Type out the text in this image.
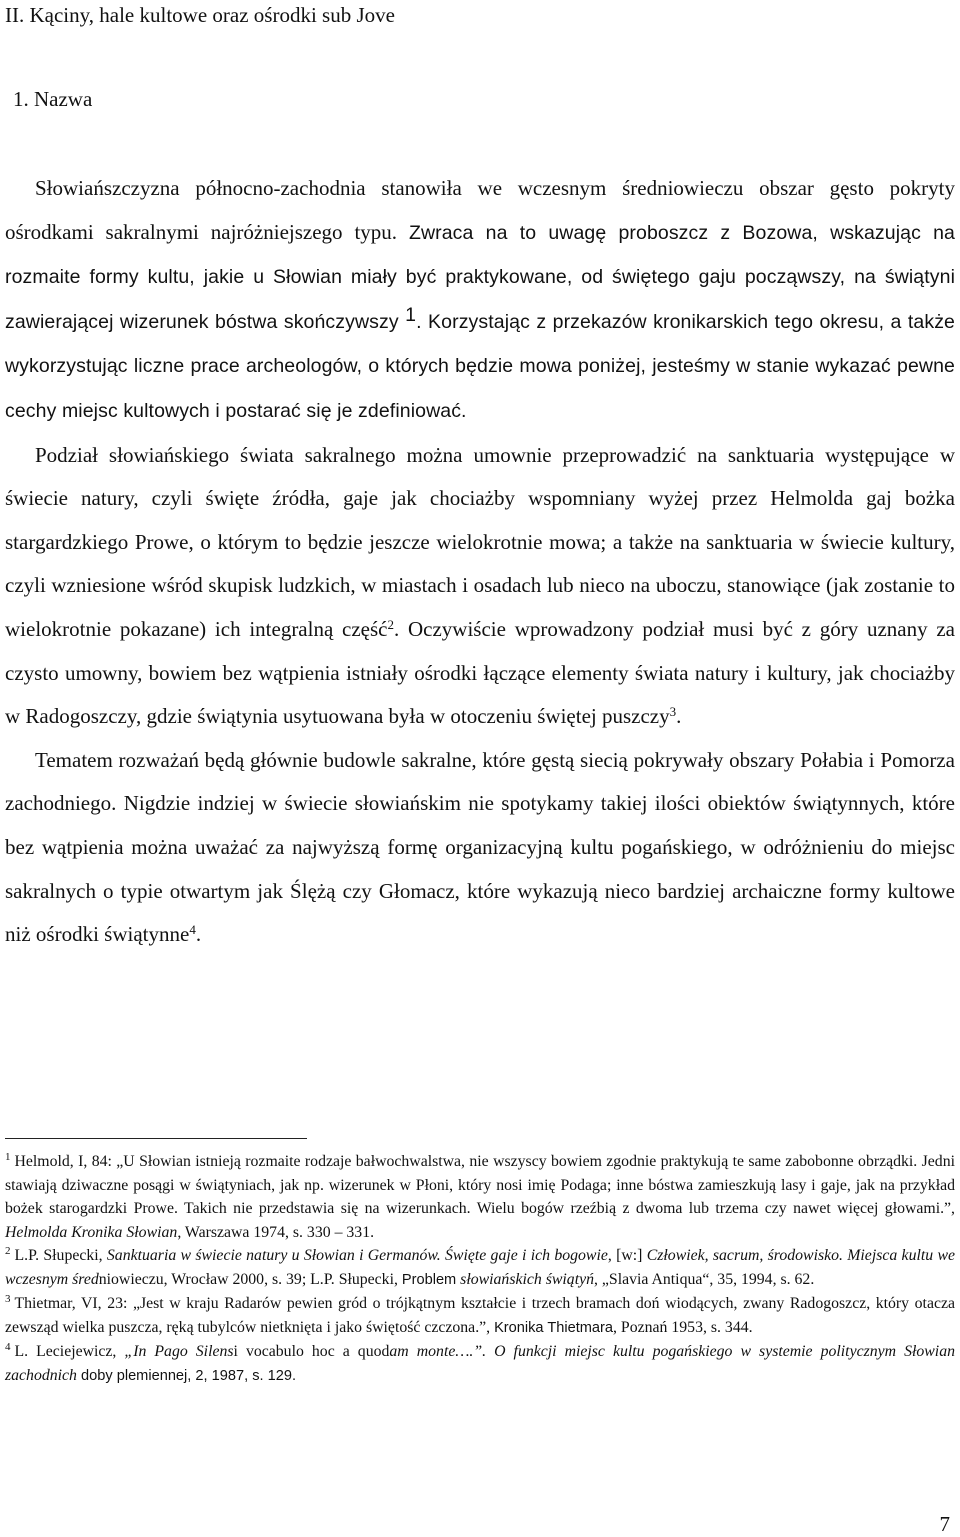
II. Kąciny, hale kultowe oraz ośrodki sub Jove
1. Nazwa

Słowiańszczyzna północno-zachodnia stanowiła we wczesnym średniowieczu obszar gęsto pokryty ośrodkami sakralnymi najróżniejszego typu. Zwraca na to uwagę proboszcz z Bozowa, wskazując na rozmaite formy kultu, jakie u Słowian miały być praktykowane, od świętego gaju począwszy, na świątyni zawierającej wizerunek bóstwa skończywszy $^1$. Korzystając z przekazów kronikarskich tego okresu, a także wykorzystując liczne prace archeologów, o których będzie mowa poniżej, jesteśmy w stanie wykazać pewne cechy miejsc kultowych i postarać się je zdefiniować.

Podział słowiańskiego świata sakralnego można umownie przeprowadzić na sanktuaria występujące w świecie natury, czyli święte źródła, gaje jak chociażby wspomniany wyżej przez Helmolda gaj bożka stargardzkiego Prowe, o którym to będzie jeszcze wielokrotnie mowa; a także na sanktuaria w świecie kultury, czyli wzniesione wśród skupisk ludzkich, w miastach i osadach lub nieco na uboczu, stanowiące (jak zostanie to wielokrotnie pokazane) ich integralną część$^2$. Oczywiście wprowadzony podział musi być z góry uznany za czysto umowny, bowiem bez wątpienia istniały ośrodki łączące elementy świata natury i kultury, jak chociażby w Radogoszczy, gdzie świątynia usytuowana była w otoczeniu świętej puszczy$^3$.

Tematem rozważań będą głównie budowle sakralne, które gęstą siecią pokrywały obszary Połabia i Pomorza zachodniego. Nigdzie indziej w świecie słowiańskim nie spotykamy takiej ilości obiektów świątynnych, które bez wątpienia można uważać za najwyższą formę organizacyjną kultu pogańskiego, w odróżnieniu do miejsc sakralnych o typie otwartym jak Ślężą czy Głomacz, które wykazują nieco bardziej archaiczne formy kultowe niż ośrodki świątynne$^4$.

$^1$ Helmold, I, 84: „U Słowian istnieją rozmaite rodzaje bałwochwalstwa, nie wszyscy bowiem zgodnie praktykują te same zabobonne obrządki. Jedni stawiają dziwaczne posągi w świątyniach, jak np. wizerunek w Płoni, który nosi imię Podaga; inne bóstwa zamieszkują lasy i gaje, jak na przykład bożek starogardzki Prowe. Takich nie przedstawia się na wizerunkach. Wielu bogów rzeźbią z dwoma lub trzema czy nawet więcej głowami.”, Helmolda Kronika Słowian, Warszawa 1974, s. 330 – 331.

$^2$ L.P. Słupecki, Sanktuaria w świecie natury u Słowian i Germanów. Święte gaje i ich bogowie, [w:] Człowiek, sacrum, środowisko. Miejsca kultu we wczesnym średniowieczu, Wrocław 2000, s. 39; L.P. Słupecki, Problem słowiańskich świątyń, „Slavia Antiqua“, 35, 1994, s. 62.

$^3$ Thietmar, VI, 23: „Jest w kraju Radarów pewien gród o trójkątnym kształcie i trzech bramach doń wiodących, zwany Radogoszcz, który otacza zewsząd wielka puszcza, ręką tubylców nietknięta i jako świętość czczona.”, Kronika Thietmara, Poznań 1953, s. 344.

$^4$ L. Leciejewicz, „In Pago Silensi vocabulo hoc a quodam monte….”. O funkcji miejsc kultu pogańskiego w systemie politycznym Słowian zachodnich doby plemiennej, 2, 1987, s. 129.

7
